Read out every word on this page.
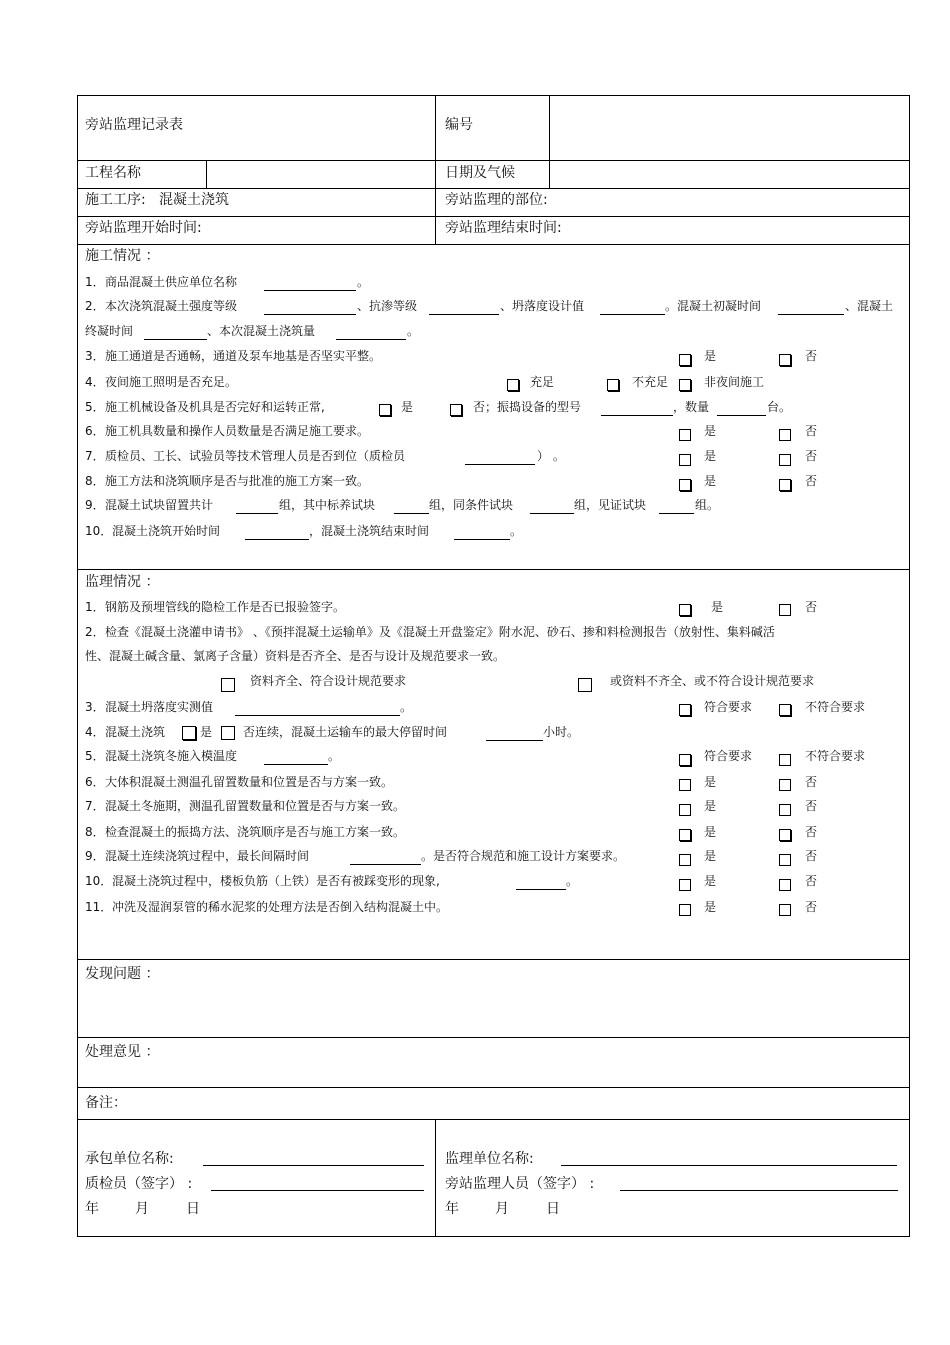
旁站监理记录表	编号
工程名称	日期及气候
施工工序: 混凝土浇筑	旁站监理的部位:
旁站监理开始时间:	旁站监理结束时间:
施工情况 ：
1． 商品混凝土供应单位名称	。
2． 本次浇筑混凝土强度等级	、抗渗等级	、坍落度设计值	。混凝土初凝时间	、混凝土
终凝时间	、本次混凝土浇筑量	。
3． 施工通道是否通畅，通道及泵车地基是否坚实平整。	是	否
4． 夜间施工照明是否充足。	充足	不充足	非夜间施工
5． 施工机械设备及机具是否完好和运转正常,	是	否；振捣设备的型号	，数量	台。
6． 施工机具数量和操作人员数量是否满足施工要求。	是	否
7． 质检员、工长、试验员等技术管理人员是否到位（质检员	） 。	是	否
8． 施工方法和浇筑顺序是否与批准的施工方案一致。	是	否
9． 混凝土试块留置共计	组，其中标养试块	组，同条件试块	组，见证试块	组。
10． 混凝土浇筑开始时间	，混凝土浇筑结束时间	。
监理情况 ：
1． 钢筋及预埋管线的隐检工作是否已报验签字。	是	否
2． 检查《混凝土浇灌申请书》 、《预拌混凝土运输单》及《混凝土开盘鉴定》附水泥、砂石、掺和料检测报告（放射性、集料碱活
性、混凝土碱含量、氯离子含量）资料是否齐全、是否与设计及规范要求一致。
资料齐全、符合设计规范要求	或资料不齐全、或不符合设计规范要求
3． 混凝土坍落度实测值	。	符合要求	不符合要求
4． 混凝土浇筑	是	否连续，混凝土运输车的最大停留时间	小时。
5． 混凝土浇筑冬施入模温度	。	符合要求	不符合要求
6． 大体积混凝土测温孔留置数量和位置是否与方案一致。	是	否
7． 混凝土冬施期，测温孔留置数量和位置是否与方案一致。	是	否
8． 检查混凝土的振捣方法、浇筑顺序是否与施工方案一致。	是	否
9． 混凝土连续浇筑过程中，最长间隔时间	。是否符合规范和施工设计方案要求。	是	否
10． 混凝土浇筑过程中，楼板负筋（上铁）是否有被踩变形的现象,	。	是	否
11． 冲洗及湿润泵管的稀水泥浆的处理方法是否倒入结构混凝土中。	是	否
发现问题 ：
处理意见 ：
备注：
承包单位名称:
质检员（签字） :
年	月	日
监理单位名称:
旁站监理人员（签字） :
年	月	日
